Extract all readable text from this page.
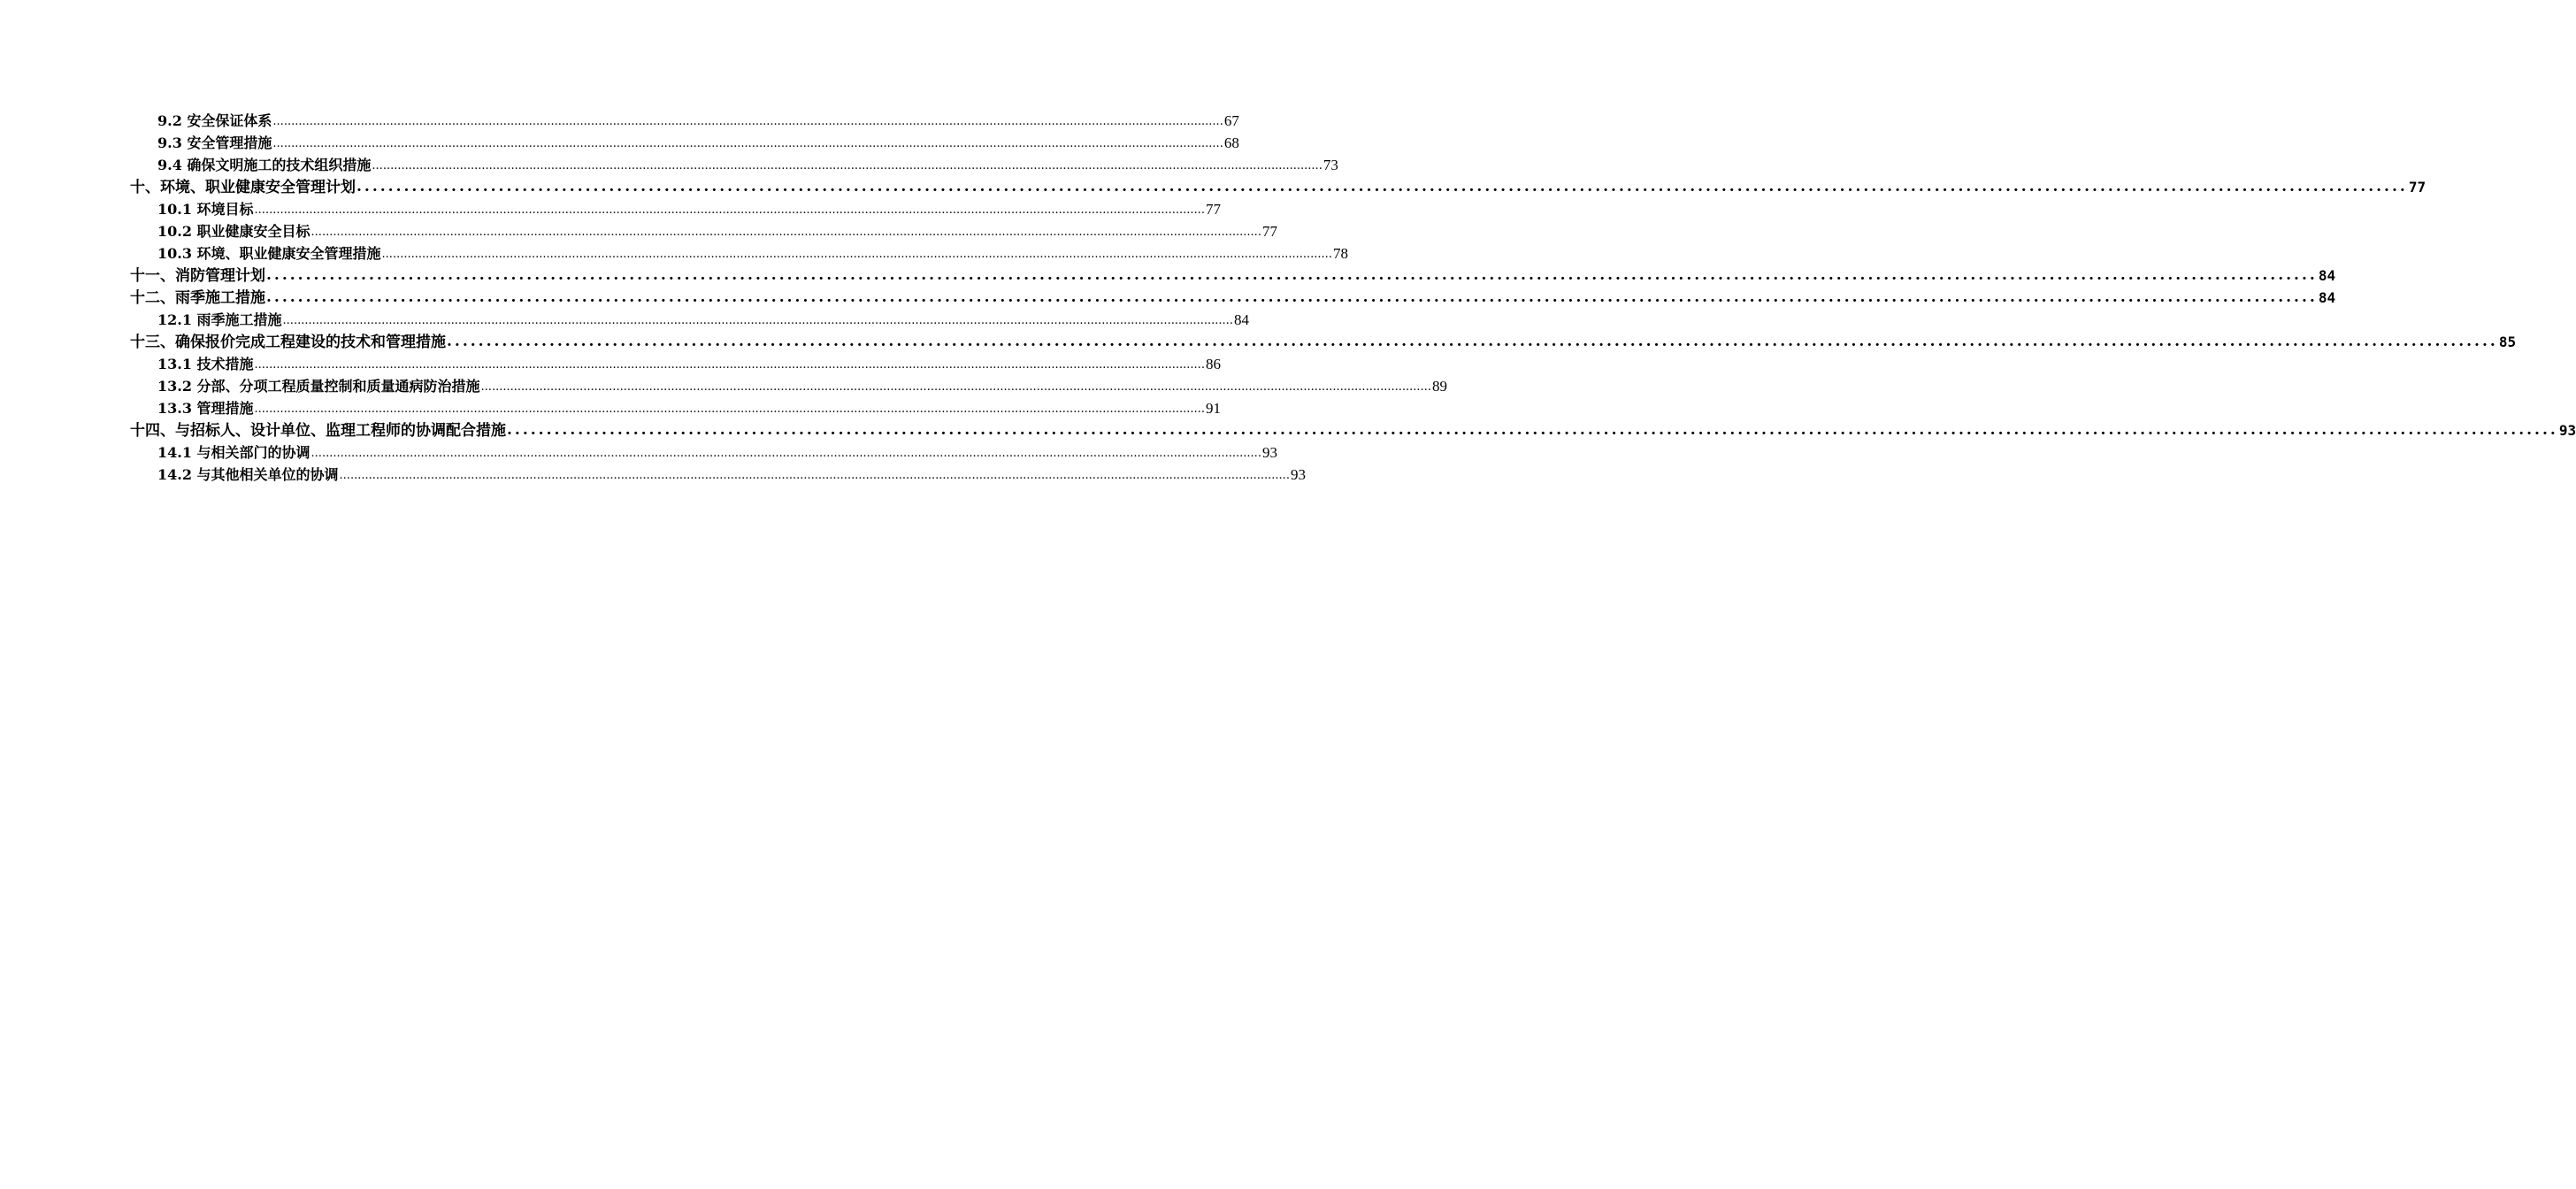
9.2 安全保证体系 .................................................................................................................................................................................................................................................................... 67
9.3 安全管理措施 .................................................................................................................................................................................................................................................................... 68
9.4 确保文明施工的技术组织措施 .................................................................................................................................................................................................................................................................... 73
十、环境、职业健康安全管理计划 .................................................................................................................................................................................................................................................................... 77
10.1 环境目标 .................................................................................................................................................................................................................................................................... 77
10.2 职业健康安全目标 .................................................................................................................................................................................................................................................................... 77
10.3 环境、职业健康安全管理措施 .................................................................................................................................................................................................................................................................... 78
十一、消防管理计划 .................................................................................................................................................................................................................................................................... 84
十二、雨季施工措施 .................................................................................................................................................................................................................................................................... 84
12.1 雨季施工措施 .................................................................................................................................................................................................................................................................... 84
十三、确保报价完成工程建设的技术和管理措施 .................................................................................................................................................................................................................................................................... 85
13.1 技术措施 .................................................................................................................................................................................................................................................................... 86
13.2 分部、分项工程质量控制和质量通病防治措施 .................................................................................................................................................................................................................................................................... 89
13.3 管理措施 .................................................................................................................................................................................................................................................................... 91
十四、与招标人、设计单位、监理工程师的协调配合措施 .................................................................................................................................................................................................................................................................... 93
14.1 与相关部门的协调 .................................................................................................................................................................................................................................................................... 93
14.2 与其他相关单位的协调 .................................................................................................................................................................................................................................................................... 93
